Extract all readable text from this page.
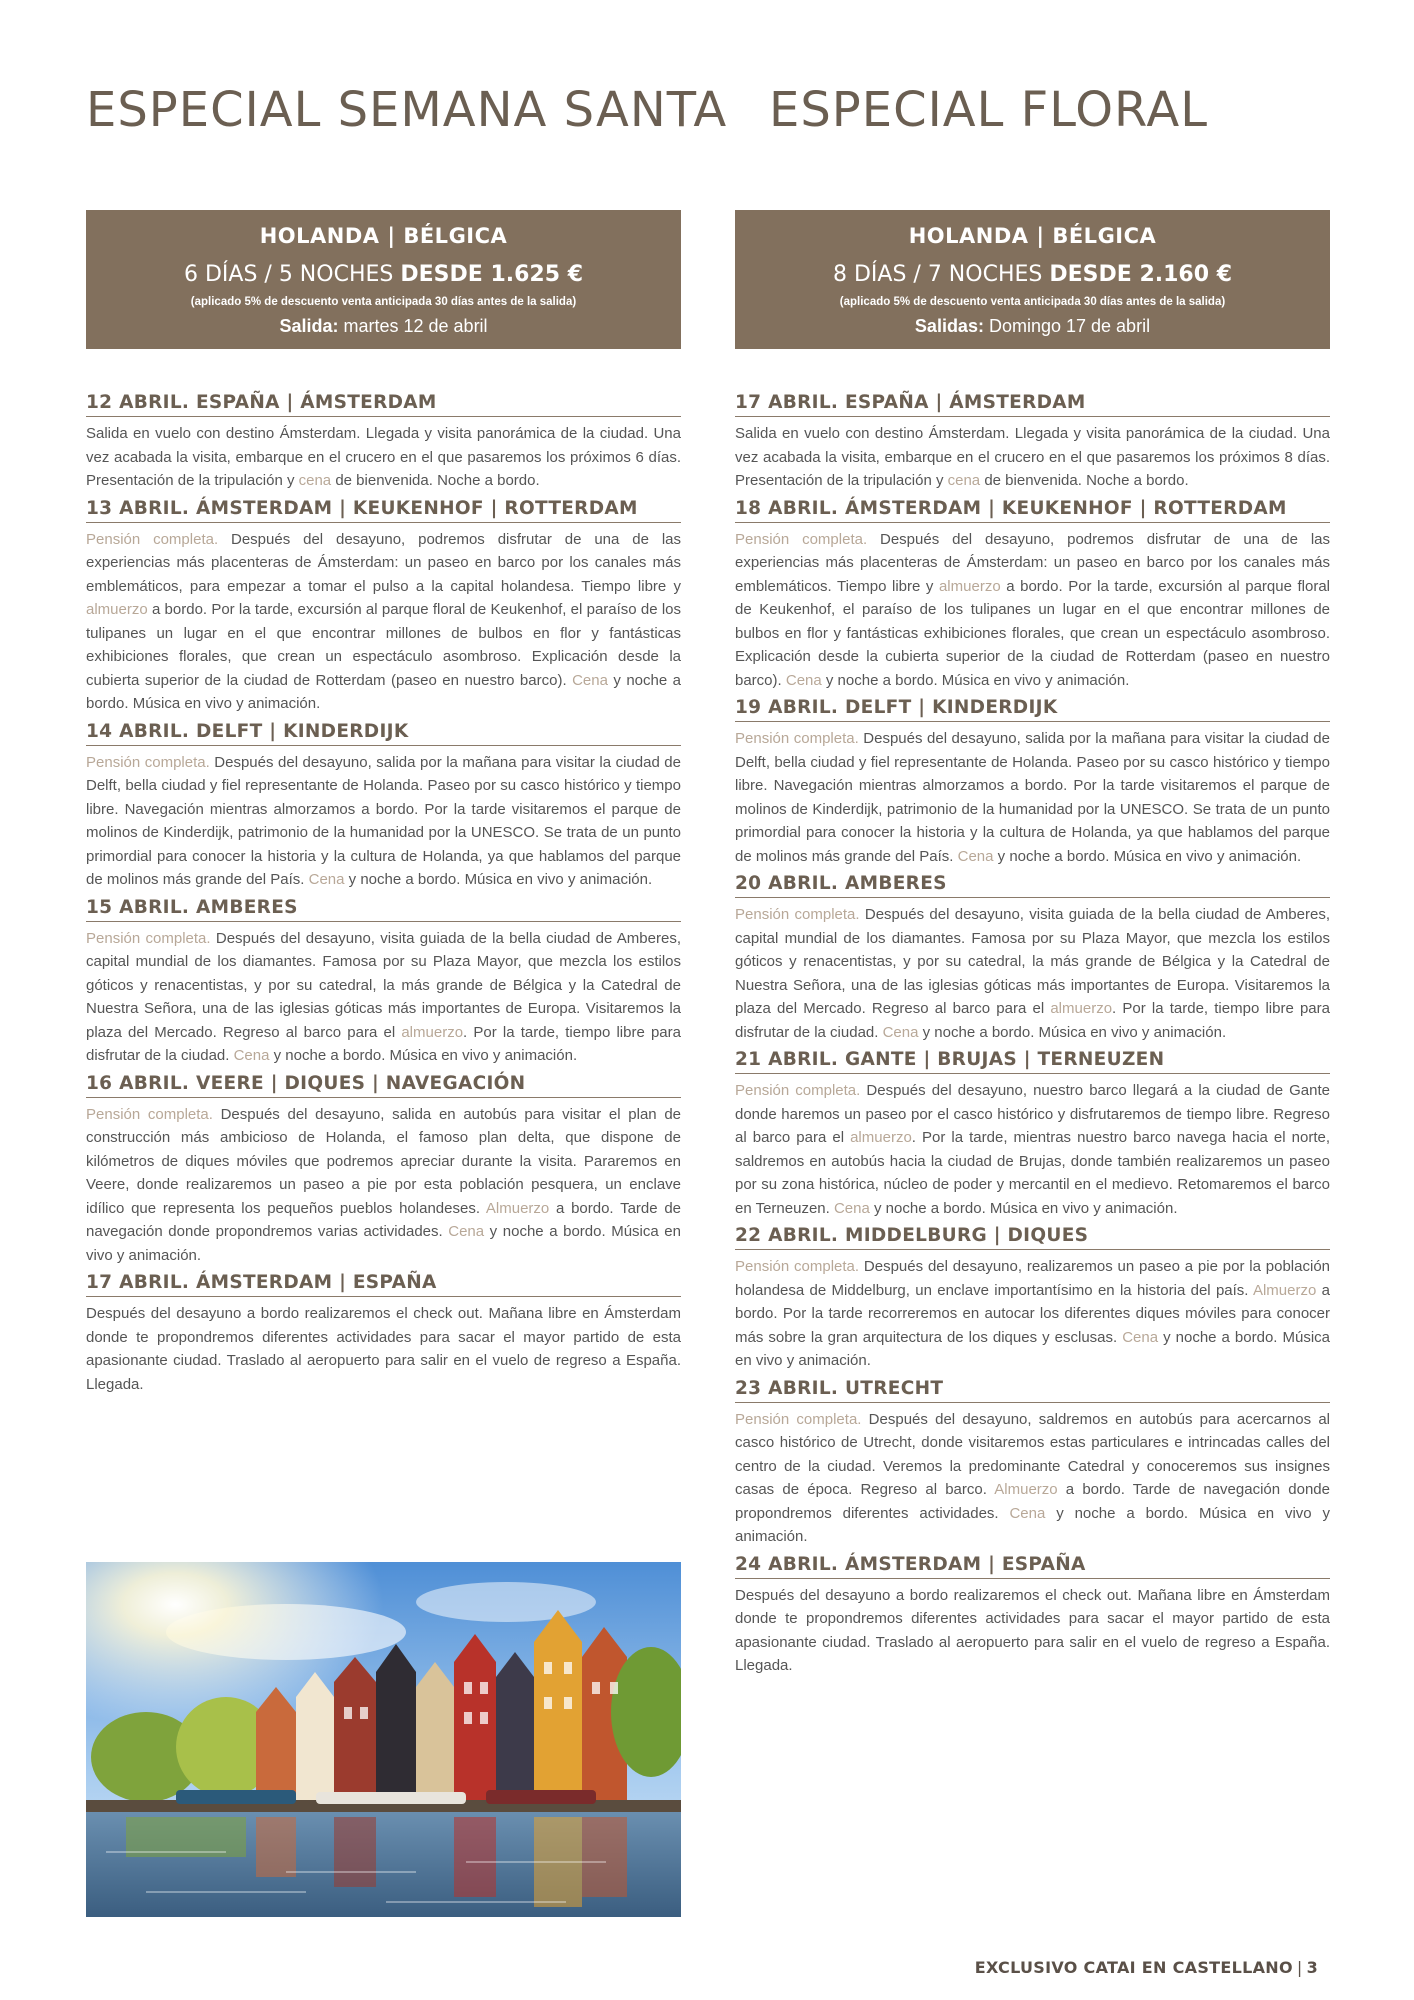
ESPECIAL SEMANA SANTA
HOLANDA | BÉLGICA
6 DÍAS / 5 NOCHES DESDE 1.625 €
(aplicado 5% de descuento venta anticipada 30 días antes de la salida)
Salida: martes 12 de abril
12 ABRIL. ESPAÑA | ÁMSTERDAM
Salida en vuelo con destino Ámsterdam. Llegada y visita panorámica de la ciudad. Una vez acabada la visita, embarque en el crucero en el que pasaremos los próximos 6 días. Presentación de la tripulación y cena de bienvenida. Noche a bordo.
13 ABRIL. ÁMSTERDAM | KEUKENHOF | ROTTERDAM
Pensión completa. Después del desayuno, podremos disfrutar de una de las experiencias más placenteras de Ámsterdam: un paseo en barco por los canales más emblemáticos, para empezar a tomar el pulso a la capital holandesa. Tiempo libre y almuerzo a bordo. Por la tarde, excursión al parque floral de Keukenhof, el paraíso de los tulipanes un lugar en el que encontrar millones de bulbos en flor y fantásticas exhibiciones florales, que crean un espectáculo asombroso. Explicación desde la cubierta superior de la ciudad de Rotterdam (paseo en nuestro barco). Cena y noche a bordo. Música en vivo y animación.
14 ABRIL. DELFT | KINDERDIJK
Pensión completa. Después del desayuno, salida por la mañana para visitar la ciudad de Delft, bella ciudad y fiel representante de Holanda. Paseo por su casco histórico y tiempo libre. Navegación mientras almorzamos a bordo. Por la tarde visitaremos el parque de molinos de Kinderdijk, patrimonio de la humanidad por la UNESCO. Se trata de un punto primordial para conocer la historia y la cultura de Holanda, ya que hablamos del parque de molinos más grande del País. Cena y noche a bordo. Música en vivo y animación.
15 ABRIL. AMBERES
Pensión completa. Después del desayuno, visita guiada de la bella ciudad de Amberes, capital mundial de los diamantes. Famosa por su Plaza Mayor, que mezcla los estilos góticos y renacentistas, y por su catedral, la más grande de Bélgica y la Catedral de Nuestra Señora, una de las iglesias góticas más importantes de Europa. Visitaremos la plaza del Mercado. Regreso al barco para el almuerzo. Por la tarde, tiempo libre para disfrutar de la ciudad. Cena y noche a bordo. Música en vivo y animación.
16 ABRIL. VEERE | DIQUES | NAVEGACIÓN
Pensión completa. Después del desayuno, salida en autobús para visitar el plan de construcción más ambicioso de Holanda, el famoso plan delta, que dispone de kilómetros de diques móviles que podremos apreciar durante la visita. Pararemos en Veere, donde realizaremos un paseo a pie por esta población pesquera, un enclave idílico que representa los pequeños pueblos holandeses. Almuerzo a bordo. Tarde de navegación donde propondremos varias actividades. Cena y noche a bordo. Música en vivo y animación.
17 ABRIL. ÁMSTERDAM | ESPAÑA
Después del desayuno a bordo realizaremos el check out. Mañana libre en Ámsterdam donde te propondremos diferentes actividades para sacar el mayor partido de esta apasionante ciudad. Traslado al aeropuerto para salir en el vuelo de regreso a España. Llegada.
ESPECIAL FLORAL
HOLANDA | BÉLGICA
8 DÍAS / 7 NOCHES DESDE 2.160 €
(aplicado 5% de descuento venta anticipada 30 días antes de la salida)
Salidas: Domingo 17 de abril
17 ABRIL. ESPAÑA | ÁMSTERDAM
Salida en vuelo con destino Ámsterdam. Llegada y visita panorámica de la ciudad. Una vez acabada la visita, embarque en el crucero en el que pasaremos los próximos 8 días. Presentación de la tripulación y cena de bienvenida. Noche a bordo.
18 ABRIL. ÁMSTERDAM | KEUKENHOF | ROTTERDAM
Pensión completa. Después del desayuno, podremos disfrutar de una de las experiencias más placenteras de Ámsterdam: un paseo en barco por los canales más emblemáticos. Tiempo libre y almuerzo a bordo. Por la tarde, excursión al parque floral de Keukenhof, el paraíso de los tulipanes un lugar en el que encontrar millones de bulbos en flor y fantásticas exhibiciones florales, que crean un espectáculo asombroso. Explicación desde la cubierta superior de la ciudad de Rotterdam (paseo en nuestro barco). Cena y noche a bordo. Música en vivo y animación.
19 ABRIL. DELFT | KINDERDIJK
Pensión completa. Después del desayuno, salida por la mañana para visitar la ciudad de Delft, bella ciudad y fiel representante de Holanda. Paseo por su casco histórico y tiempo libre. Navegación mientras almorzamos a bordo. Por la tarde visitaremos el parque de molinos de Kinderdijk, patrimonio de la humanidad por la UNESCO. Se trata de un punto primordial para conocer la historia y la cultura de Holanda, ya que hablamos del parque de molinos más grande del País. Cena y noche a bordo. Música en vivo y animación.
20 ABRIL. AMBERES
Pensión completa. Después del desayuno, visita guiada de la bella ciudad de Amberes, capital mundial de los diamantes. Famosa por su Plaza Mayor, que mezcla los estilos góticos y renacentistas, y por su catedral, la más grande de Bélgica y la Catedral de Nuestra Señora, una de las iglesias góticas más importantes de Europa. Visitaremos la plaza del Mercado. Regreso al barco para el almuerzo. Por la tarde, tiempo libre para disfrutar de la ciudad. Cena y noche a bordo. Música en vivo y animación.
21 ABRIL. GANTE | BRUJAS | TERNEUZEN
Pensión completa. Después del desayuno, nuestro barco llegará a la ciudad de Gante donde haremos un paseo por el casco histórico y disfrutaremos de tiempo libre. Regreso al barco para el almuerzo. Por la tarde, mientras nuestro barco navega hacia el norte, saldremos en autobús hacia la ciudad de Brujas, donde también realizaremos un paseo por su zona histórica, núcleo de poder y mercantil en el medievo. Retomaremos el barco en Terneuzen. Cena y noche a bordo. Música en vivo y animación.
22 ABRIL. MIDDELBURG | DIQUES
Pensión completa. Después del desayuno, realizaremos un paseo a pie por la población holandesa de Middelburg, un enclave importantísimo en la historia del país. Almuerzo a bordo. Por la tarde recorreremos en autocar los diferentes diques móviles para conocer más sobre la gran arquitectura de los diques y esclusas. Cena y noche a bordo. Música en vivo y animación.
23 ABRIL. UTRECHT
Pensión completa. Después del desayuno, saldremos en autobús para acercarnos al casco histórico de Utrecht, donde visitaremos estas particulares e intrincadas calles del centro de la ciudad. Veremos la predominante Catedral y conoceremos sus insignes casas de época. Regreso al barco. Almuerzo a bordo. Tarde de navegación donde propondremos diferentes actividades. Cena y noche a bordo. Música en vivo y animación.
24 ABRIL. ÁMSTERDAM | ESPAÑA
Después del desayuno a bordo realizaremos el check out. Mañana libre en Ámsterdam donde te propondremos diferentes actividades para sacar el mayor partido de esta apasionante ciudad. Traslado al aeropuerto para salir en el vuelo de regreso a España. Llegada.
EXCLUSIVO CATAI EN CASTELLANO | 3
